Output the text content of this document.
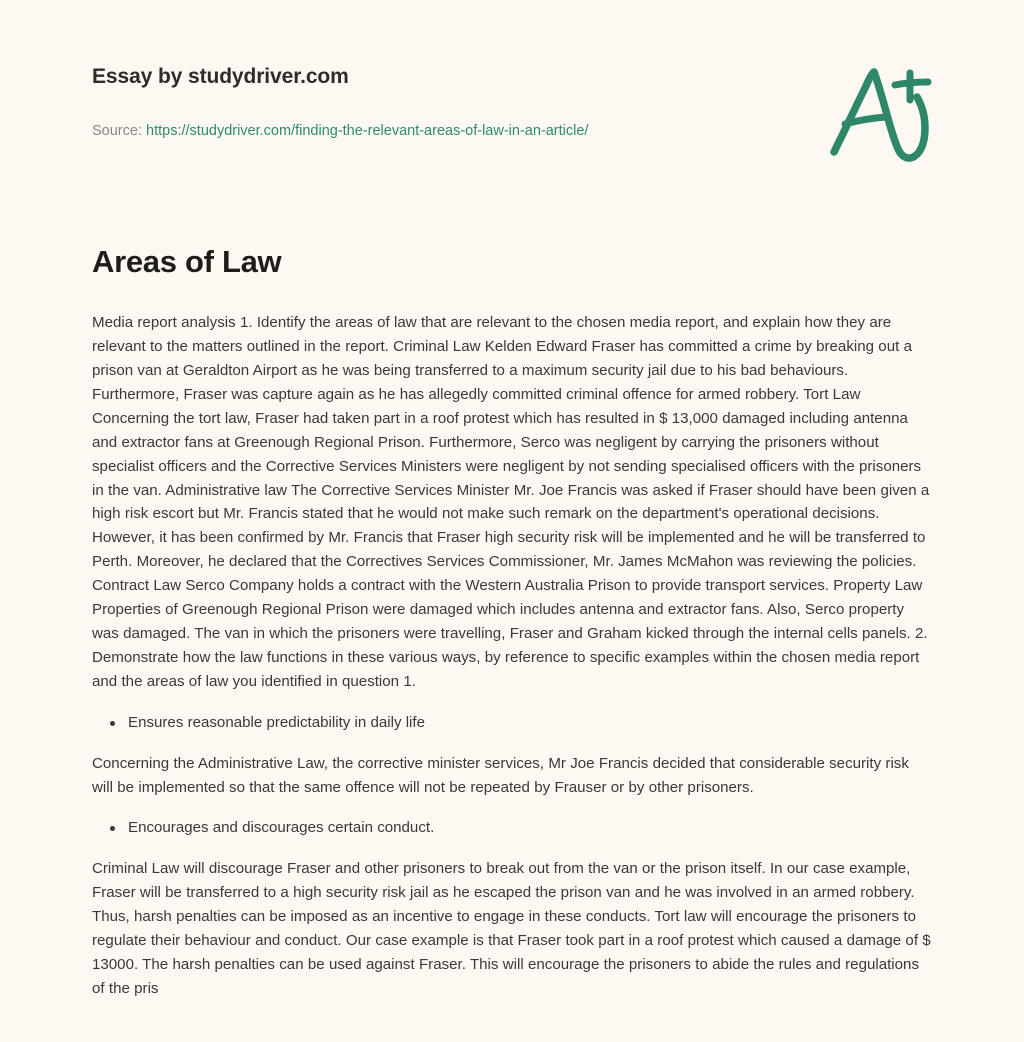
Essay by studydriver.com
Source: https://studydriver.com/finding-the-relevant-areas-of-law-in-an-article/
Areas of Law

Media report analysis 1. Identify the areas of law that are relevant to the chosen media report, and explain how they are relevant to the matters outlined in the report. Criminal Law Kelden Edward Fraser has committed a crime by breaking out a prison van at Geraldton Airport as he was being transferred to a maximum security jail due to his bad behaviours. Furthermore, Fraser was capture again as he has allegedly committed criminal offence for armed robbery. Tort Law Concerning the tort law, Fraser had taken part in a roof protest which has resulted in $ 13,000 damaged including antenna and extractor fans at Greenough Regional Prison. Furthermore, Serco was negligent by carrying the prisoners without specialist officers and the Corrective Services Ministers were negligent by not sending specialised officers with the prisoners in the van. Administrative law The Corrective Services Minister Mr. Joe Francis was asked if Fraser should have been given a high risk escort but Mr. Francis stated that he would not make such remark on the department's operational decisions. However, it has been confirmed by Mr. Francis that Fraser high security risk will be implemented and he will be transferred to Perth. Moreover, he declared that the Correctives Services Commissioner, Mr. James McMahon was reviewing the policies. Contract Law Serco Company holds a contract with the Western Australia Prison to provide transport services. Property Law Properties of Greenough Regional Prison were damaged which includes antenna and extractor fans. Also, Serco property was damaged. The van in which the prisoners were travelling, Fraser and Graham kicked through the internal cells panels. 2. Demonstrate how the law functions in these various ways, by reference to specific examples within the chosen media report and the areas of law you identified in question 1.

Ensures reasonable predictability in daily life

Concerning the Administrative Law, the corrective minister services, Mr Joe Francis decided that considerable security risk will be implemented so that the same offence will not be repeated by Frauser or by other prisoners.

Encourages and discourages certain conduct.

Criminal Law will discourage Fraser and other prisoners to break out from the van or the prison itself. In our case example, Fraser will be transferred to a high security risk jail as he escaped the prison van and he was involved in an armed robbery. Thus, harsh penalties can be imposed as an incentive to engage in these conducts. Tort law will encourage the prisoners to regulate their behaviour and conduct. Our case example is that Fraser took part in a roof protest which caused a damage of $ 13000. The harsh penalties can be used against Fraser. This will encourage the prisoners to abide the rules and regulations of the pris
